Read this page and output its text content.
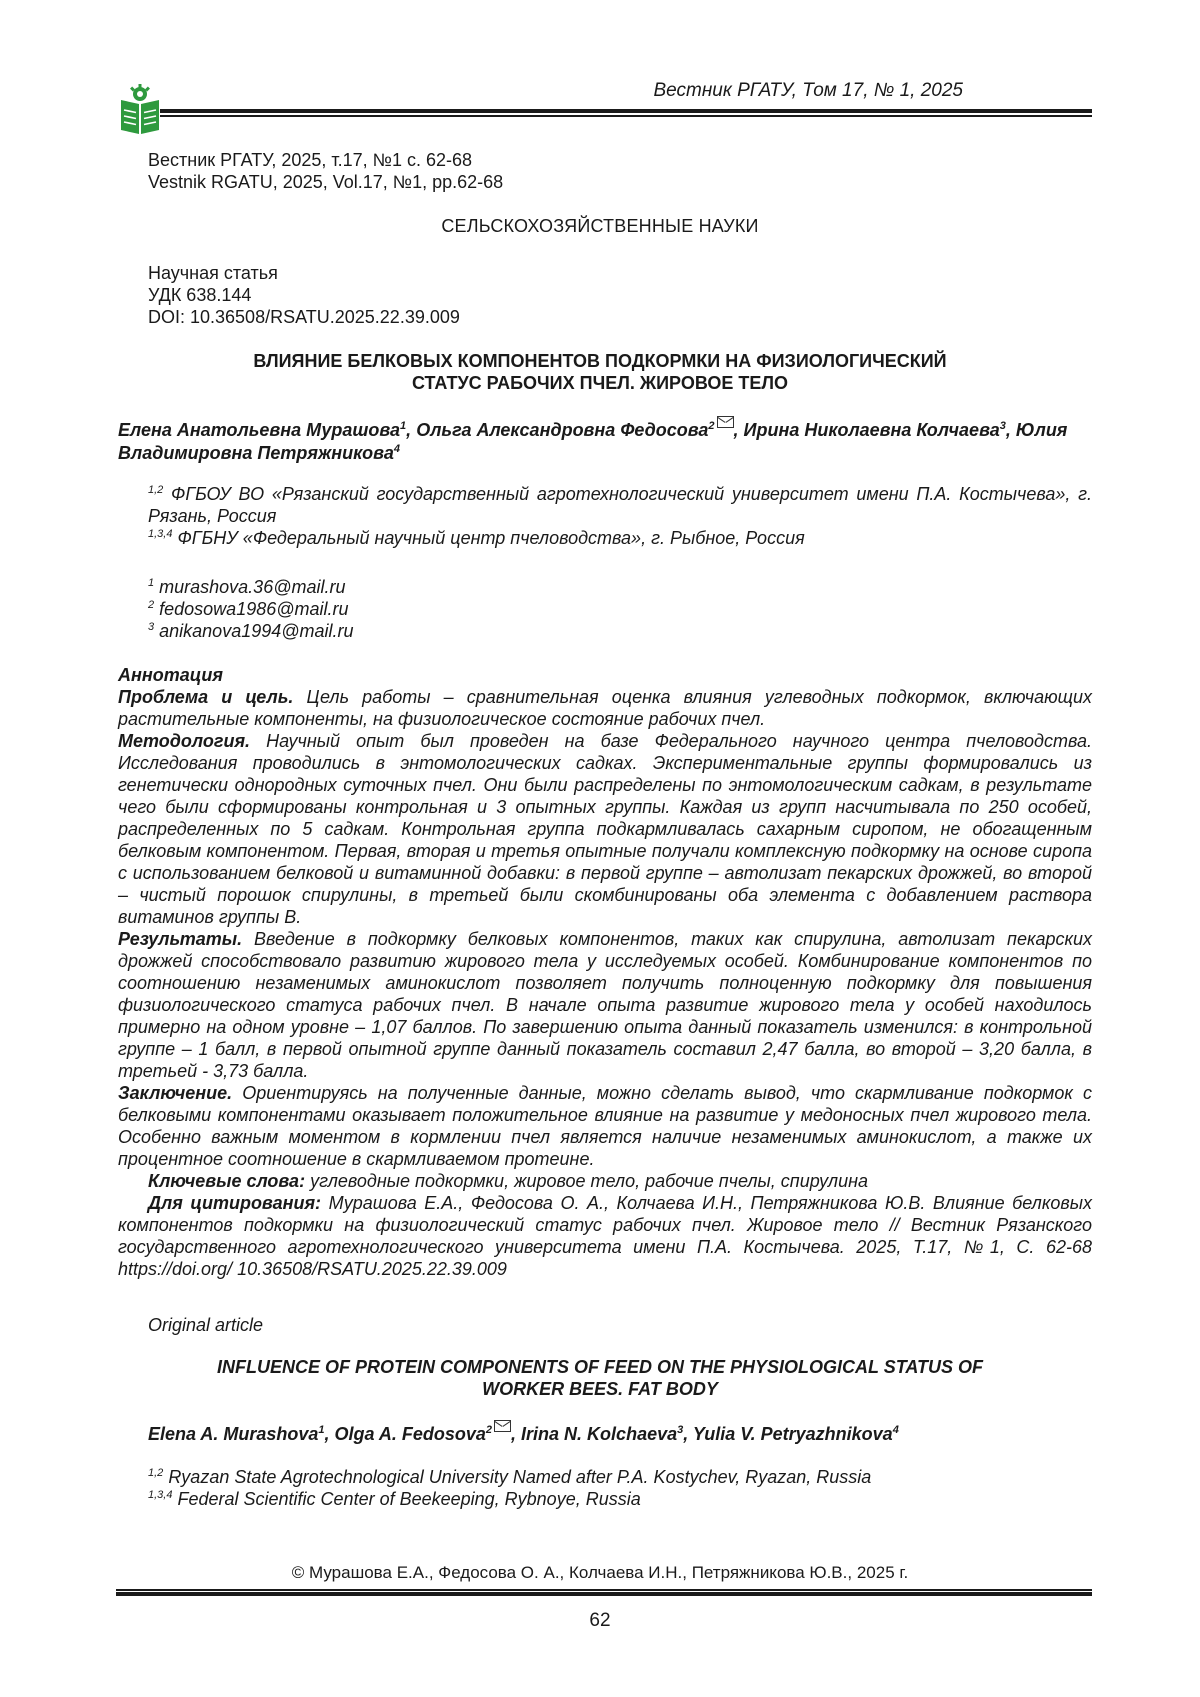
Вестник РГАТУ, Том 17, № 1, 2025
Вестник РГАТУ, 2025, т.17, №1 с. 62-68
Vestnik RGATU, 2025, Vol.17, №1, pp.62-68
СЕЛЬСКОХОЗЯЙСТВЕННЫЕ НАУКИ
Научная статья
УДК 638.144
DOI: 10.36508/RSATU.2025.22.39.009
ВЛИЯНИЕ БЕЛКОВЫХ КОМПОНЕНТОВ ПОДКОРМКИ НА ФИЗИОЛОГИЧЕСКИЙ
СТАТУС РАБОЧИХ ПЧЕЛ. ЖИРОВОЕ ТЕЛО
Елена Анатольевна Мурашова$^1$, Ольга Александровна Федосова$^2$ , Ирина Николаевна Колчаева$^3$, Юлия Владимировна Петряжникова$^4$
$^{1,2}$ ФГБОУ ВО «Рязанский государственный агротехнологический университет имени П.А. Костычева», г. Рязань, Россия
$^{1,3,4}$ ФГБНУ «Федеральный научный центр пчеловодства», г. Рыбное, Россия
$^1$ murashova.36@mail.ru
$^2$ fedosowa1986@mail.ru
$^3$ anikanova1994@mail.ru

Аннотация

Проблема и цель. Цель работы – сравнительная оценка влияния углеводных подкормок, включающих растительные компоненты, на физиологическое состояние рабочих пчел.

Методология. Научный опыт был проведен на базе Федерального научного центра пчеловодства. Исследования проводились в энтомологических садках. Экспериментальные группы формировались из генетически однородных суточных пчел. Они были распределены по энтомологическим садкам, в результате чего были сформированы контрольная и 3 опытных группы. Каждая из групп насчитывала по 250 особей, распределенных по 5 садкам. Контрольная группа подкармливалась сахарным сиропом, не обогащенным белковым компонентом. Первая, вторая и третья опытные получали комплексную подкормку на основе сиропа с использованием белковой и витаминной добавки: в первой группе – автолизат пекарских дрожжей, во второй – чистый порошок спирулины, в третьей были скомбинированы оба элемента с добавлением раствора витаминов группы В.

Результаты. Введение в подкормку белковых компонентов, таких как спирулина, автолизат пекарских дрожжей способствовало развитию жирового тела у исследуемых особей. Комбинирование компонентов по соотношению незаменимых аминокислот позволяет получить полноценную подкормку для повышения физиологического статуса рабочих пчел. В начале опыта развитие жирового тела у особей находилось примерно на одном уровне – 1,07 баллов. По завершению опыта данный показатель изменился: в контрольной группе – 1 балл, в первой опытной группе данный показатель составил 2,47 балла, во второй – 3,20 балла, в третьей - 3,73 балла.

Заключение. Ориентируясь на полученные данные, можно сделать вывод, что скармливание подкормок с белковыми компонентами оказывает положительное влияние на развитие у медоносных пчел жирового тела. Особенно важным моментом в кормлении пчел является наличие незаменимых аминокислот, а также их процентное соотношение в скармливаемом протеине.

Ключевые слова: углеводные подкормки, жировое тело, рабочие пчелы, спирулина

Для цитирования: Мурашова Е.А., Федосова О. А., Колчаева И.Н., Петряжникова Ю.В. Влияние белковых компонентов подкормки на физиологический статус рабочих пчел. Жировое тело // Вестник Рязанского государственного агротехнологического университета имени П.А. Костычева. 2025, Т.17, №1, С. 62-68 https://doi.org/ 10.36508/RSATU.2025.22.39.009

Original article
INFLUENCE OF PROTEIN COMPONENTS OF FEED ON THE PHYSIOLOGICAL STATUS OF
WORKER BEES. FAT BODY
Elena A. Murashova$^1$, Olga A. Fedosova$^2$ , Irina N. Kolchaeva$^3$, Yulia V. Petryazhnikova$^4$
$^{1,2}$ Ryazan State Agrotechnological University Named after P.A. Kostychev, Ryazan, Russia
$^{1,3,4}$ Federal Scientific Center of Beekeeping, Rybnoye, Russia
© Мурашова Е.А., Федосова О. А., Колчаева И.Н., Петряжникова Ю.В., 2025 г.
62
